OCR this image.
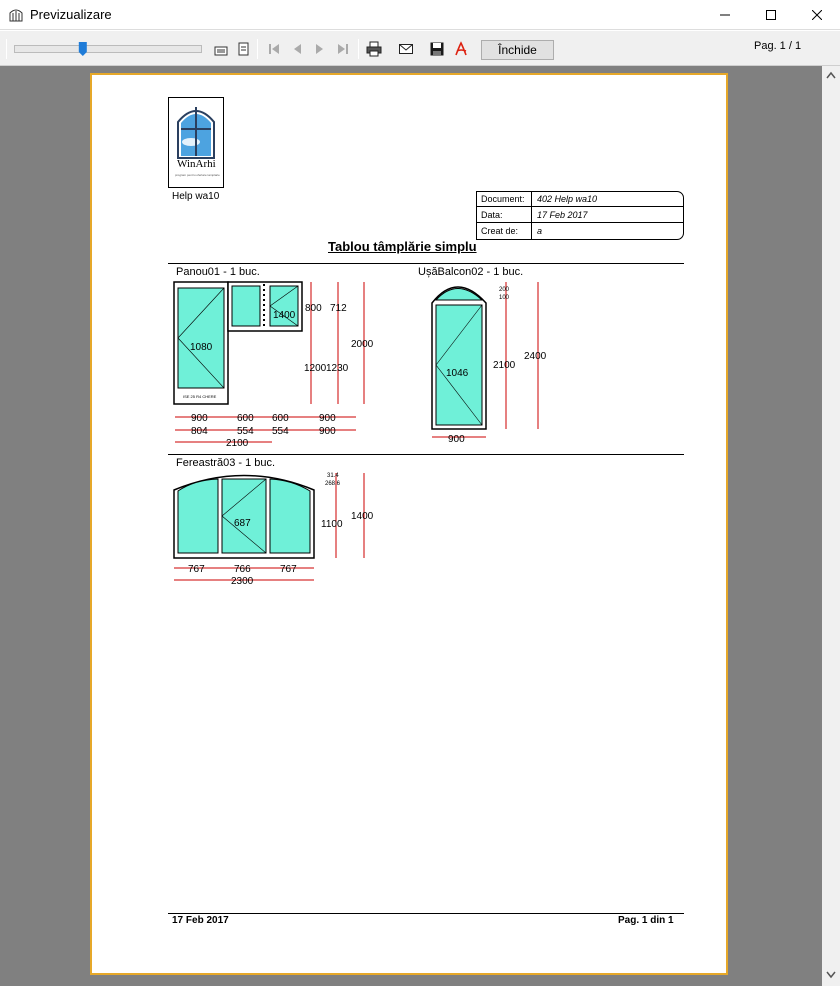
Previzualizare
Închide	Pag. 1 / 1
WinArhi
program pentru ofertare tamplarie
Help wa10	Document: 402 Help wa10
Data:	17 Feb 2017
Creat de: a
Tablou tâmplărie simplu
Panou01 - 1 buc.	UșăBalcon02 - 1 buc.
Fereastră03 - 1 buc.
1080
1400
ISE 25 R4 CHERE
800 712
1200 1230
2000
900	600 600	900
804	554 554	900
2100
1046
200
100
2100
2400
900
687
31.4
268.6
1100
1400
767	766	767
2300
17 Feb 2017	Pag. 1 din 1
